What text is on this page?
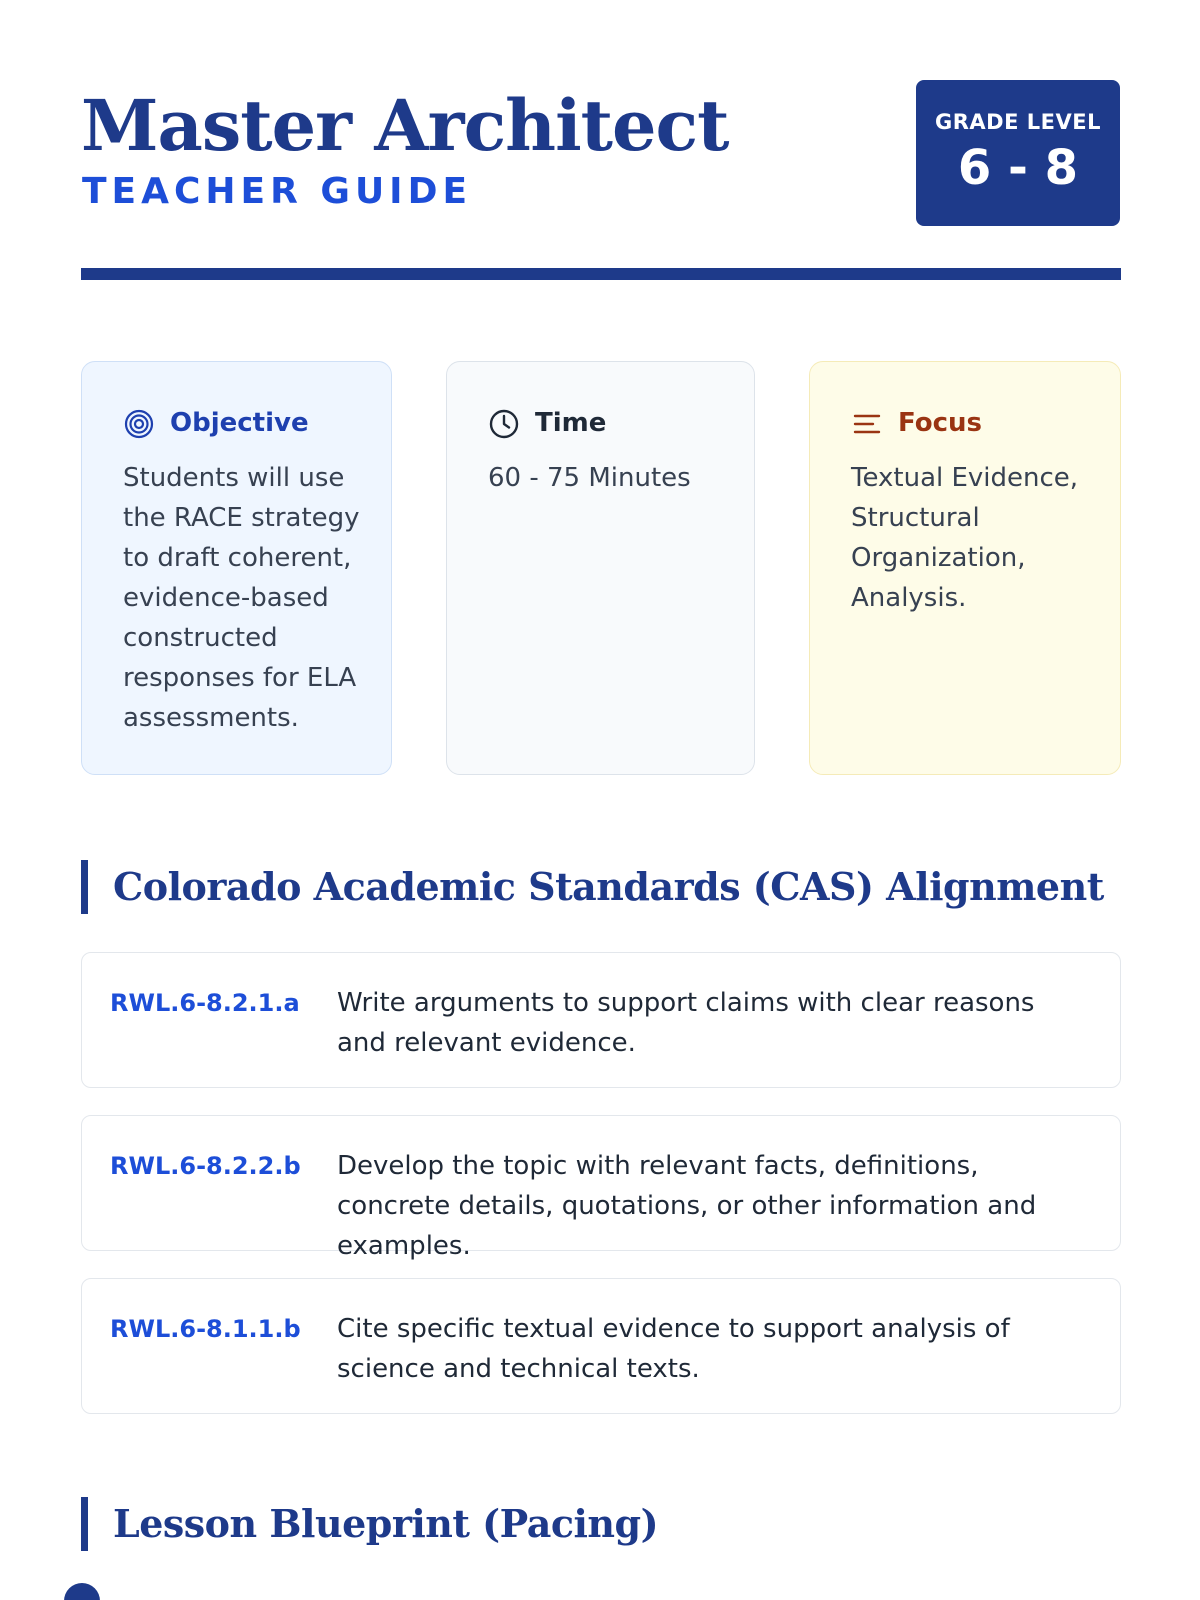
Master Architect
TEACHER GUIDE
GRADE LEVEL
6 - 8
Objective

Students will use the RACE strategy to draft coherent, evidence-based constructed responses for ELA assessments.

Time

60 - 75 Minutes

Focus

Textual Evidence, Structural Organization, Analysis.

Colorado Academic Standards (CAS) Alignment
RWL.6-8.2.1.a Write arguments to support claims with clear reasons and relevant evidence.

RWL.6-8.2.2.b Develop the topic with relevant facts, definitions, concrete details, quotations, or other information and examples.

RWL.6-8.1.1.b Cite specific textual evidence to support analysis of science and technical texts.

Lesson Blueprint (Pacing)
